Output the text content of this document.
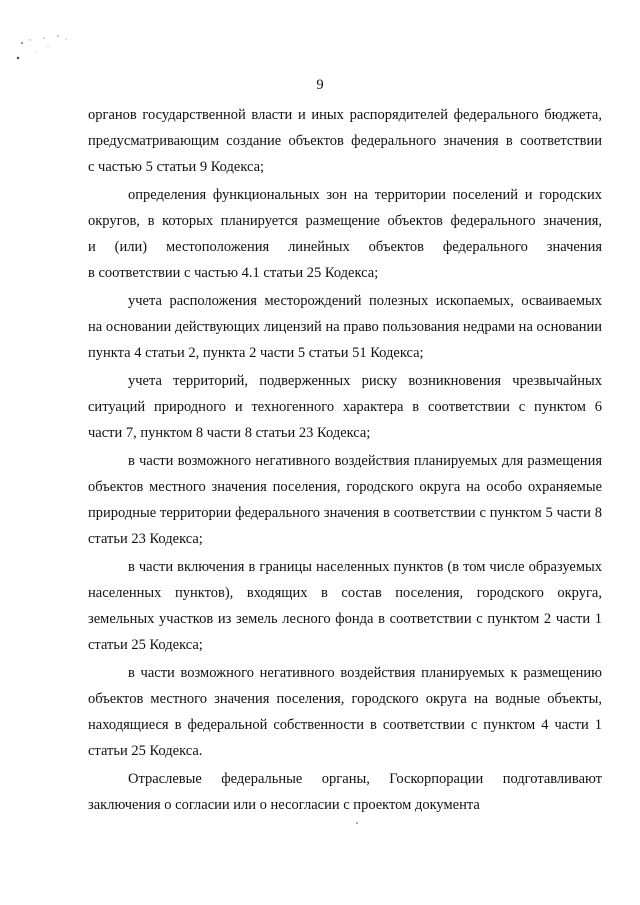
9

органов государственной власти и иных распорядителей федерального бюджета,
предусматривающим создание объектов федерального значения в соответствии
с частью 5 статьи 9 Кодекса;

определения функциональных зон на территории поселений и городских
округов, в которых планируется размещение объектов федерального значения,
и (или) местоположения линейных объектов федерального значения
в соответствии с частью 4.1 статьи 25 Кодекса;

учета расположения месторождений полезных ископаемых, осваиваемых
на основании действующих лицензий на право пользования недрами на основании
пункта 4 статьи 2, пункта 2 части 5 статьи 51 Кодекса;

учета территорий, подверженных риску возникновения чрезвычайных
ситуаций природного и техногенного характера в соответствии с пунктом 6
части 7, пунктом 8 части 8 статьи 23 Кодекса;

в части возможного негативного воздействия планируемых для размещения
объектов местного значения поселения, городского округа на особо охраняемые
природные территории федерального значения в соответствии с пунктом 5 части 8
статьи 23 Кодекса;

в части включения в границы населенных пунктов (в том числе образуемых
населенных пунктов), входящих в состав поселения, городского округа,
земельных участков из земель лесного фонда в соответствии с пунктом 2 части 1
статьи 25 Кодекса;

в части возможного негативного воздействия планируемых к размещению
объектов местного значения поселения, городского округа на водные объекты,
находящиеся в федеральной собственности в соответствии с пунктом 4 части 1
статьи 25 Кодекса.

Отраслевые федеральные органы, Госкорпорации подготавливают
заключения о согласии или о несогласии с проектом документа
